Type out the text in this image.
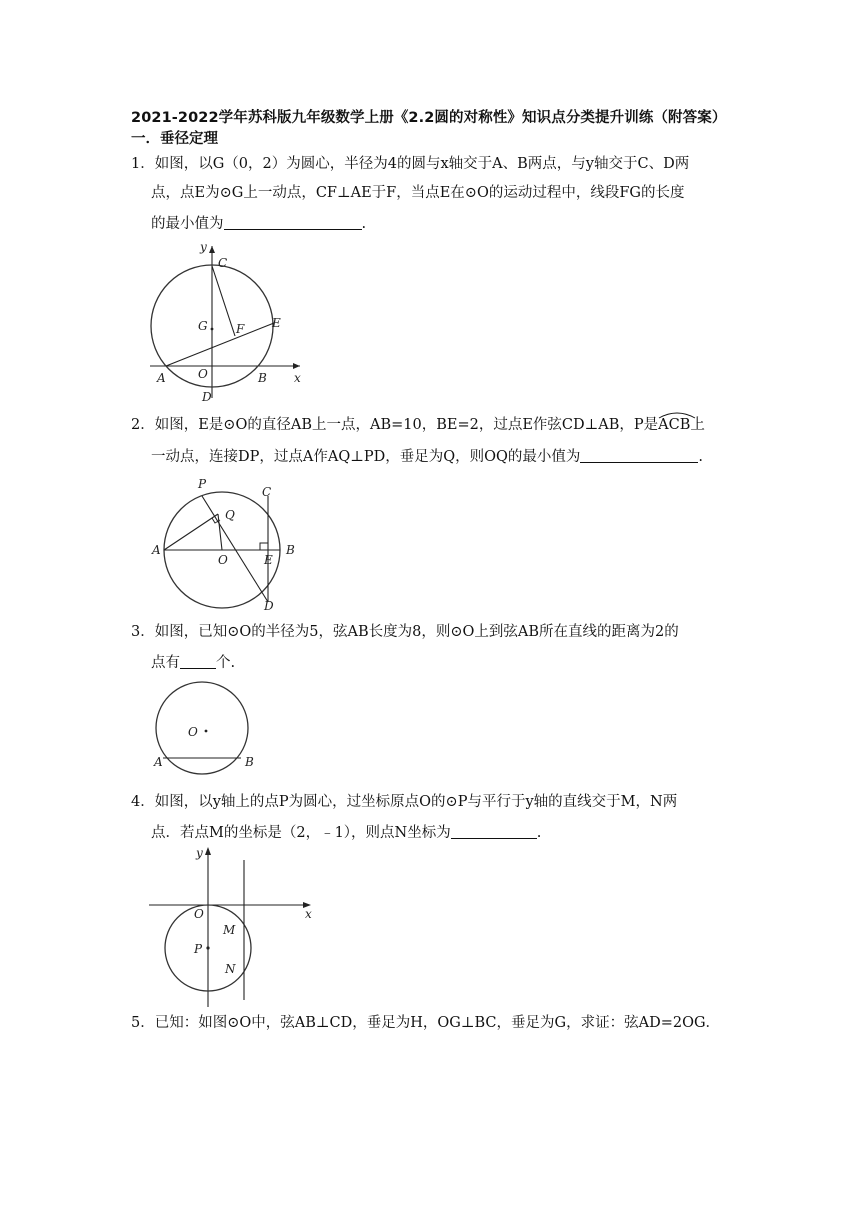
2021-2022学年苏科版九年级数学上册《2.2圆的对称性》知识点分类提升训练（附答案）
一．垂径定理
1．如图，以G（0，2）为圆心，半径为4的圆与x轴交于A、B两点，与y轴交于C、D两
点，点E为⊙G上一动点，CF⊥AE于F，当点E在⊙O的运动过程中，线段FG的长度
的最小值为	.
y
C
G F E
A	O	B x
D
2．如图，E是⊙O的直径AB上一点，AB=10，BE=2，过点E作弦CD⊥AB，P是ACB
上
一动点，连接DP，过点A作AQ⊥PD，垂足为Q，则OQ的最小值为	.
P
C
Q
A
O	E
B
D
3．如图，已知⊙O的半径为5，弦AB长度为8，则⊙O上到弦AB所在直线的距离为2的
点有 个.
O
A	B
4．如图，以y轴上的点P为圆心，过坐标原点O的⊙P与平行于y轴的直线交于M，N两
点．若点M的坐标是（2，﹣1），则点N坐标为	.
y
x
O
M
P
N
5．已知：如图⊙O中，弦AB⊥CD，垂足为H，OG⊥BC，垂足为G，求证：弦AD=2OG．
